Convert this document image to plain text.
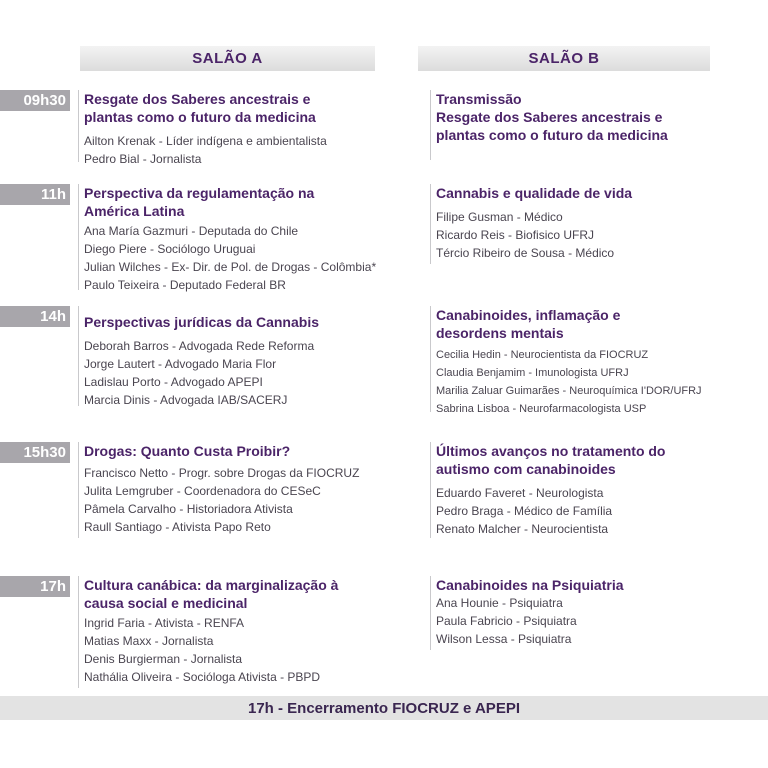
SALÃO A	SALÃO B
09h30 Resgate dos Saberes ancestrais e
plantas como o futuro da medicina
Ailton Krenak - Líder indígena e ambientalista
Pedro Bial - Jornalista
Transmissão
Resgate dos Saberes ancestrais e
plantas como o futuro da medicina
11h Perspectiva da regulamentação na
América Latina
Ana María Gazmuri - Deputada do Chile
Diego Piere - Sociólogo Uruguai
Julian Wilches - Ex- Dir. de Pol. de Drogas - Colômbia*
Paulo Teixeira - Deputado Federal BR
Cannabis e qualidade de vida
Filipe Gusman - Médico
Ricardo Reis - Biofisico UFRJ
Tércio Ribeiro de Sousa - Médico
14h Perspectivas jurídicas da Cannabis
Deborah Barros - Advogada Rede Reforma
Jorge Lautert - Advogado Maria Flor
Ladislau Porto - Advogado APEPI
Marcia Dinis - Advogada IAB/SACERJ
Canabinoides, inflamação e
desordens mentais
Cecilia Hedin - Neurocientista da FIOCRUZ
Claudia Benjamim - Imunologista UFRJ
Marilia Zaluar Guimarães - Neuroquímica I'DOR/UFRJ
Sabrina Lisboa - Neurofarmacologista USP
15h30 Drogas: Quanto Custa Proibir?
Francisco Netto - Progr. sobre Drogas da FIOCRUZ
Julita Lemgruber - Coordenadora do CESeC
Pâmela Carvalho - Historiadora Ativista
Raull Santiago - Ativista Papo Reto
Últimos avanços no tratamento do
autismo com canabinoides
Eduardo Faveret - Neurologista
Pedro Braga - Médico de Família
Renato Malcher - Neurocientista
17h Cultura canábica: da marginalização à
causa social e medicinal
Ingrid Faria - Ativista - RENFA
Matias Maxx - Jornalista
Denis Burgierman - Jornalista
Nathália Oliveira - Socióloga Ativista - PBPD
Canabinoides na Psiquiatria
Ana Hounie - Psiquiatra
Paula Fabricio - Psiquiatra
Wilson Lessa - Psiquiatra
17h - Encerramento FIOCRUZ e APEPI
